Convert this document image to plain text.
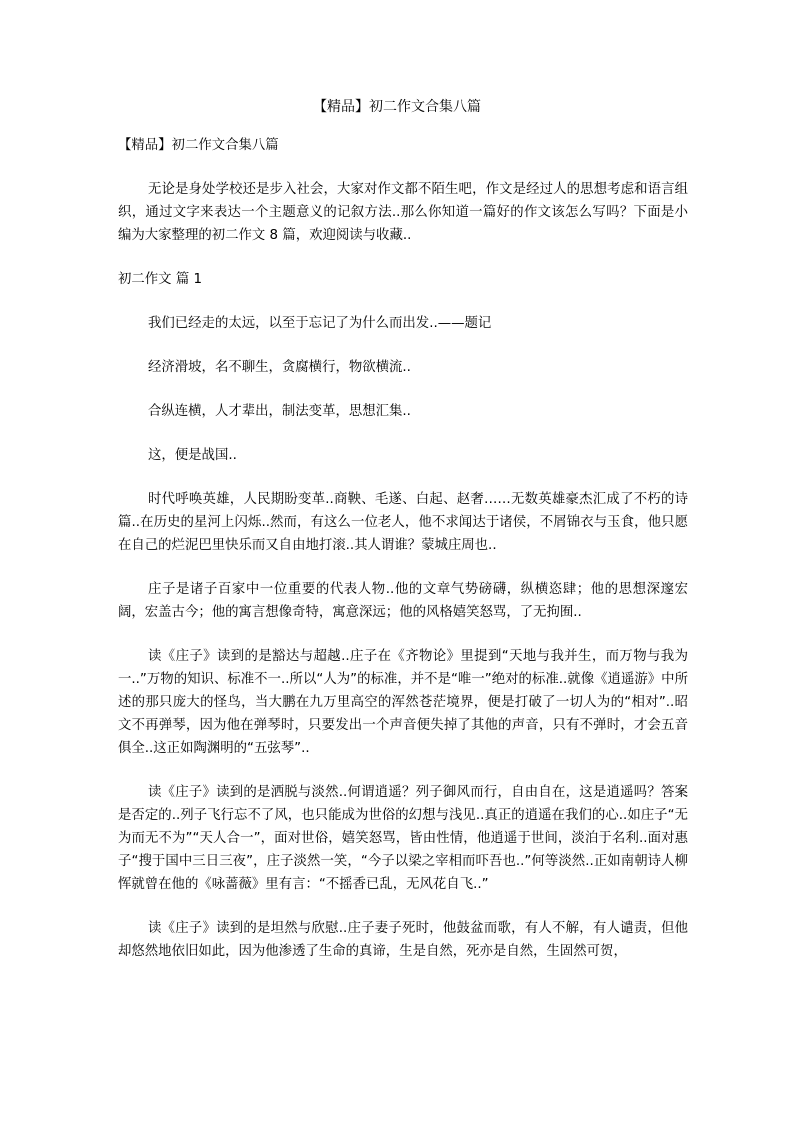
【精品】初二作文合集八篇

【精品】初二作文合集八篇

无论是身处学校还是步入社会，大家对作文都不陌生吧，作文是经过人的思想考虑和语言组织，通过文字来表达一个主题意义的记叙方法..那么你知道一篇好的作文该怎么写吗？下面是小编为大家整理的初二作文 8 篇，欢迎阅读与收藏..

初二作文 篇 1

我们已经走的太远，以至于忘记了为什么而出发..——题记

经济滑坡，名不聊生，贪腐横行，物欲横流..

合纵连横，人才辈出，制法变革，思想汇集..

这，便是战国..

时代呼唤英雄，人民期盼变革..商鞅、毛遂、白起、赵奢……无数英雄豪杰汇成了不朽的诗篇..在历史的星河上闪烁..然而，有这么一位老人，他不求闻达于诸侯，不屑锦衣与玉食，他只愿在自己的烂泥巴里快乐而又自由地打滚..其人谓谁？蒙城庄周也..

庄子是诸子百家中一位重要的代表人物..他的文章气势磅礴，纵横恣肆；他的思想深邃宏阔，宏盖古今；他的寓言想像奇特，寓意深远；他的风格嬉笑怒骂，了无拘囿..

读《庄子》读到的是豁达与超越..庄子在《齐物论》里提到“天地与我并生，而万物与我为一..”万物的知识、标准不一..所以“人为”的标准，并不是“唯一”绝对的标准..就像《逍遥游》中所述的那只庞大的怪鸟，当大鹏在九万里高空的浑然苍茫境界，便是打破了一切人为的“相对”..昭文不再弹琴，因为他在弹琴时，只要发出一个声音便失掉了其他的声音，只有不弹时，才会五音俱全..这正如陶渊明的“五弦琴”..

读《庄子》读到的是洒脱与淡然..何谓逍遥？列子御风而行，自由自在，这是逍遥吗？答案是否定的..列子飞行忘不了风，也只能成为世俗的幻想与浅见..真正的逍遥在我们的心..如庄子“无为而无不为”“天人合一”，面对世俗，嬉笑怒骂，皆由性情，他逍遥于世间，淡泊于名利..面对惠子“搜于国中三日三夜”，庄子淡然一笑，“今子以梁之宰相而吓吾也..”何等淡然..正如南朝诗人柳恽就曾在他的《咏蔷薇》里有言：“不摇香已乱，无风花自飞..”

读《庄子》读到的是坦然与欣慰..庄子妻子死时，他鼓盆而歌，有人不解，有人谴责，但他却悠然地依旧如此，因为他渗透了生命的真谛，生是自然，死亦是自然，生固然可贺，
